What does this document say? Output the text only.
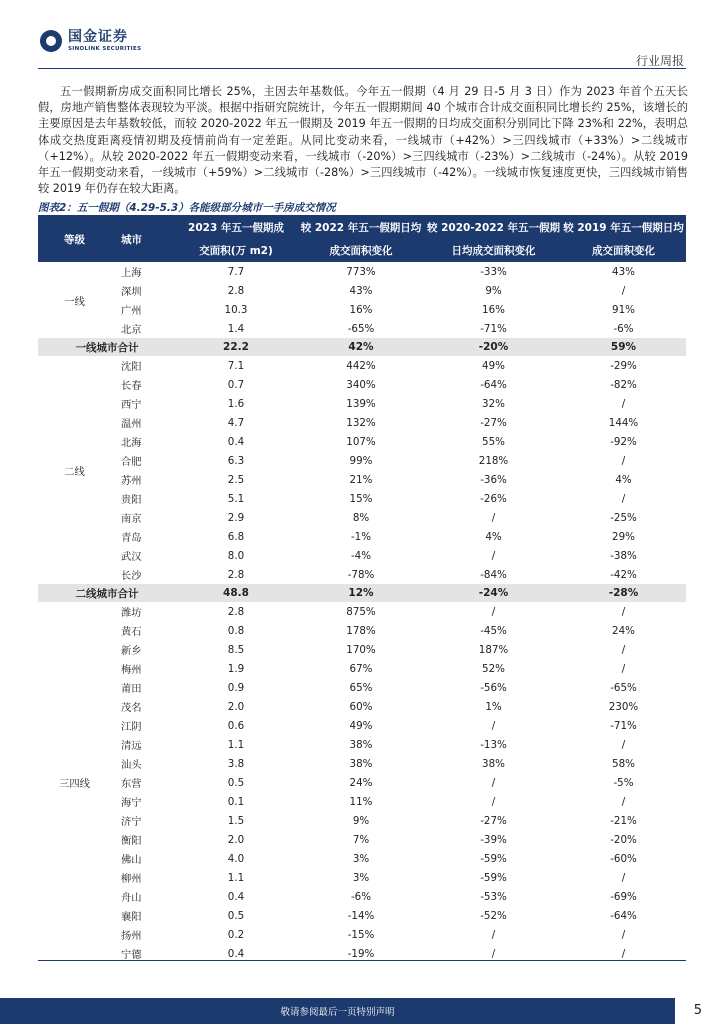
国金证券
SINOLINK SECURITIES
行业周报
五一假期新房成交面积同比增长 25%，主因去年基数低。今年五一假期（4 月 29 日-5 月 3 日）作为 2023 年首个五天长假，房地产销售整体表现较为平淡。根据中指研究院统计，今年五一假期期间 40 个城市合计成交面积同比增长约 25%，该增长的主要原因是去年基数较低，而较 2020-2022 年五一假期及 2019 年五一假期的日均成交面积分别同比下降 23%和 22%，表明总体成交热度距离疫情初期及疫情前尚有一定差距。从同比变动来看，一线城市（+42%）>三四线城市（+33%）>二线城市（+12%）。从较 2020-2022 年五一假期变动来看，一线城市（-20%）>三四线城市（-23%）>二线城市（-24%）。从较 2019 年五一假期变动来看，一线城市（+59%）>二线城市（-28%）>三四线城市（-42%）。一线城市恢复速度更快，三四线城市销售较 2019 年仍存在较大距离。
图表2：五一假期（4.29-5.3）各能级部分城市一手房成交情况
等级	城市	2023 年五一假期成	较 2022 年五一假期日均	较 2020-2022 年五一假期	较 2019 年五一假期日均
		交面积(万 m2)	成交面积变化	日均成交面积变化	成交面积变化
一线	上海	7.7	773%	-33%	43%
	深圳	2.8	43%	9%	/
	广州	10.3	16%	16%	91%
	北京	1.4	-65%	-71%	-6%
一线城市合计		22.2	42%	-20%	59%
二线	沈阳	7.1	442%	49%	-29%
	长春	0.7	340%	-64%	-82%
	西宁	1.6	139%	32%	/
	温州	4.7	132%	-27%	144%
	北海	0.4	107%	55%	-92%
	合肥	6.3	99%	218%	/
	苏州	2.5	21%	-36%	4%
	贵阳	5.1	15%	-26%	/
	南京	2.9	8%	/	-25%
	青岛	6.8	-1%	4%	29%
	武汉	8.0	-4%	/	-38%
	长沙	2.8	-78%	-84%	-42%
二线城市合计		48.8	12%	-24%	-28%
三四线	潍坊	2.8	875%	/	/
	黄石	0.8	178%	-45%	24%
	新乡	8.5	170%	187%	/
	梅州	1.9	67%	52%	/
	莆田	0.9	65%	-56%	-65%
	茂名	2.0	60%	1%	230%
	江阴	0.6	49%	/	-71%
	清远	1.1	38%	-13%	/
	汕头	3.8	38%	38%	58%
	东营	0.5	24%	/	-5%
	海宁	0.1	11%	/	/
	济宁	1.5	9%	-27%	-21%
	衡阳	2.0	7%	-39%	-20%
	佛山	4.0	3%	-59%	-60%
	柳州	1.1	3%	-59%	/
	舟山	0.4	-6%	-53%	-69%
	襄阳	0.5	-14%	-52%	-64%
	扬州	0.2	-15%	/	/
	宁德	0.4	-19%	/	/
敬请参阅最后一页特别声明	5
